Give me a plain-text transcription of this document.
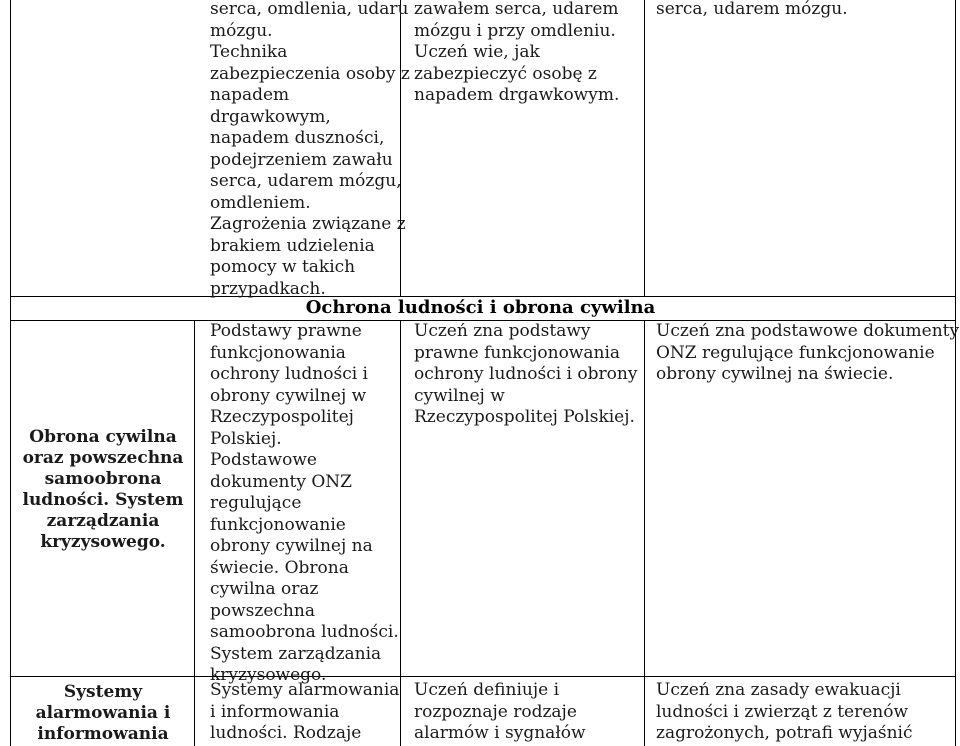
serca, omdlenia, udaru
mózgu.
Technika
zabezpieczenia osoby z
napadem
drgawkowym,
napadem duszności,
podejrzeniem zawału
serca, udarem mózgu,
omdleniem.
Zagrożenia związane z
brakiem udzielenia
pomocy w takich
przypadkach.
zawałem serca, udarem
mózgu i przy omdleniu.
Uczeń wie, jak
zabezpieczyć osobę z
napadem drgawkowym.
serca, udarem mózgu.
Ochrona ludności i obrona cywilna
Obrona cywilna
oraz powszechna
samoobrona
ludności. System
zarządzania
kryzysowego.
Podstawy prawne
funkcjonowania
ochrony ludności i
obrony cywilnej w
Rzeczypospolitej
Polskiej.
Podstawowe
dokumenty ONZ
regulujące
funkcjonowanie
obrony cywilnej na
świecie. Obrona
cywilna oraz
powszechna
samoobrona ludności.
System zarządzania
kryzysowego.
Uczeń zna podstawy
prawne funkcjonowania
ochrony ludności i obrony
cywilnej w
Rzeczypospolitej Polskiej.
Uczeń zna podstawowe dokumenty
ONZ regulujące funkcjonowanie
obrony cywilnej na świecie.
Systemy
alarmowania i
informowania
Systemy alarmowania
i informowania
ludności. Rodzaje
Uczeń definiuje i
rozpoznaje rodzaje
alarmów i sygnałów
Uczeń zna zasady ewakuacji
ludności i zwierząt z terenów
zagrożonych, potrafi wyjaśnić
